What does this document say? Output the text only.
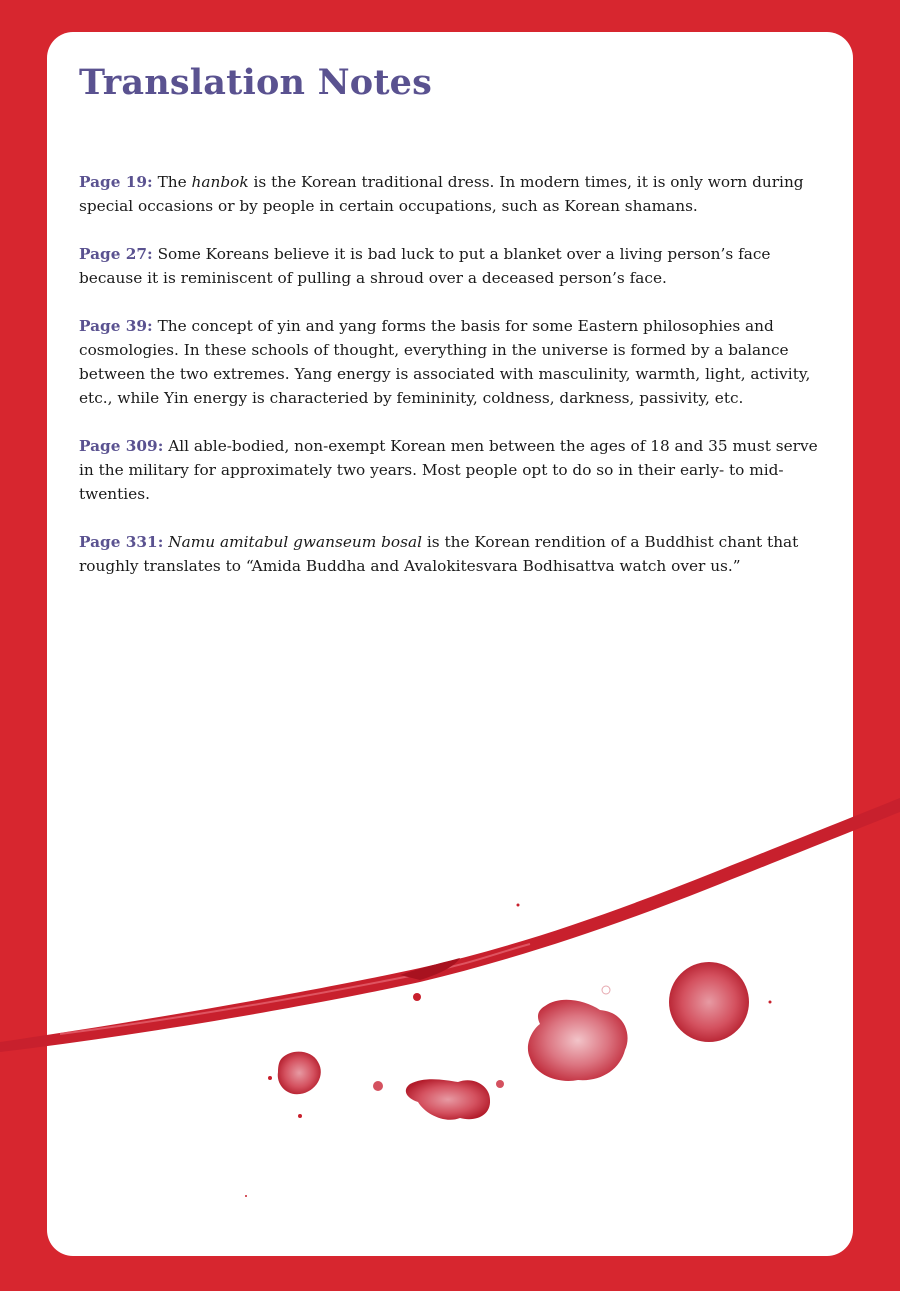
Translation Notes

Page 19: The hanbok is the Korean traditional dress. In modern times, it is only worn during special occasions or by people in certain occupations, such as Korean shamans.

Page 27: Some Koreans believe it is bad luck to put a blanket over a living person’s face because it is reminiscent of pulling a shroud over a deceased person’s face.

Page 39: The concept of yin and yang forms the basis for some Eastern philosophies and cosmologies. In these schools of thought, everything in the universe is formed by a balance between the two extremes. Yang energy is associated with masculinity, warmth, light, activity, etc., while Yin energy is characteried by femininity, coldness, darkness, passivity, etc.

Page 309: All able-bodied, non-exempt Korean men between the ages of 18 and 35 must serve in the military for approximately two years. Most people opt to do so in their early- to mid-twenties.

Page 331: Namu amitabul gwanseum bosal is the Korean rendition of a Buddhist chant that roughly translates to “Amida Buddha and Avalokitesvara Bodhisattva watch over us.”
